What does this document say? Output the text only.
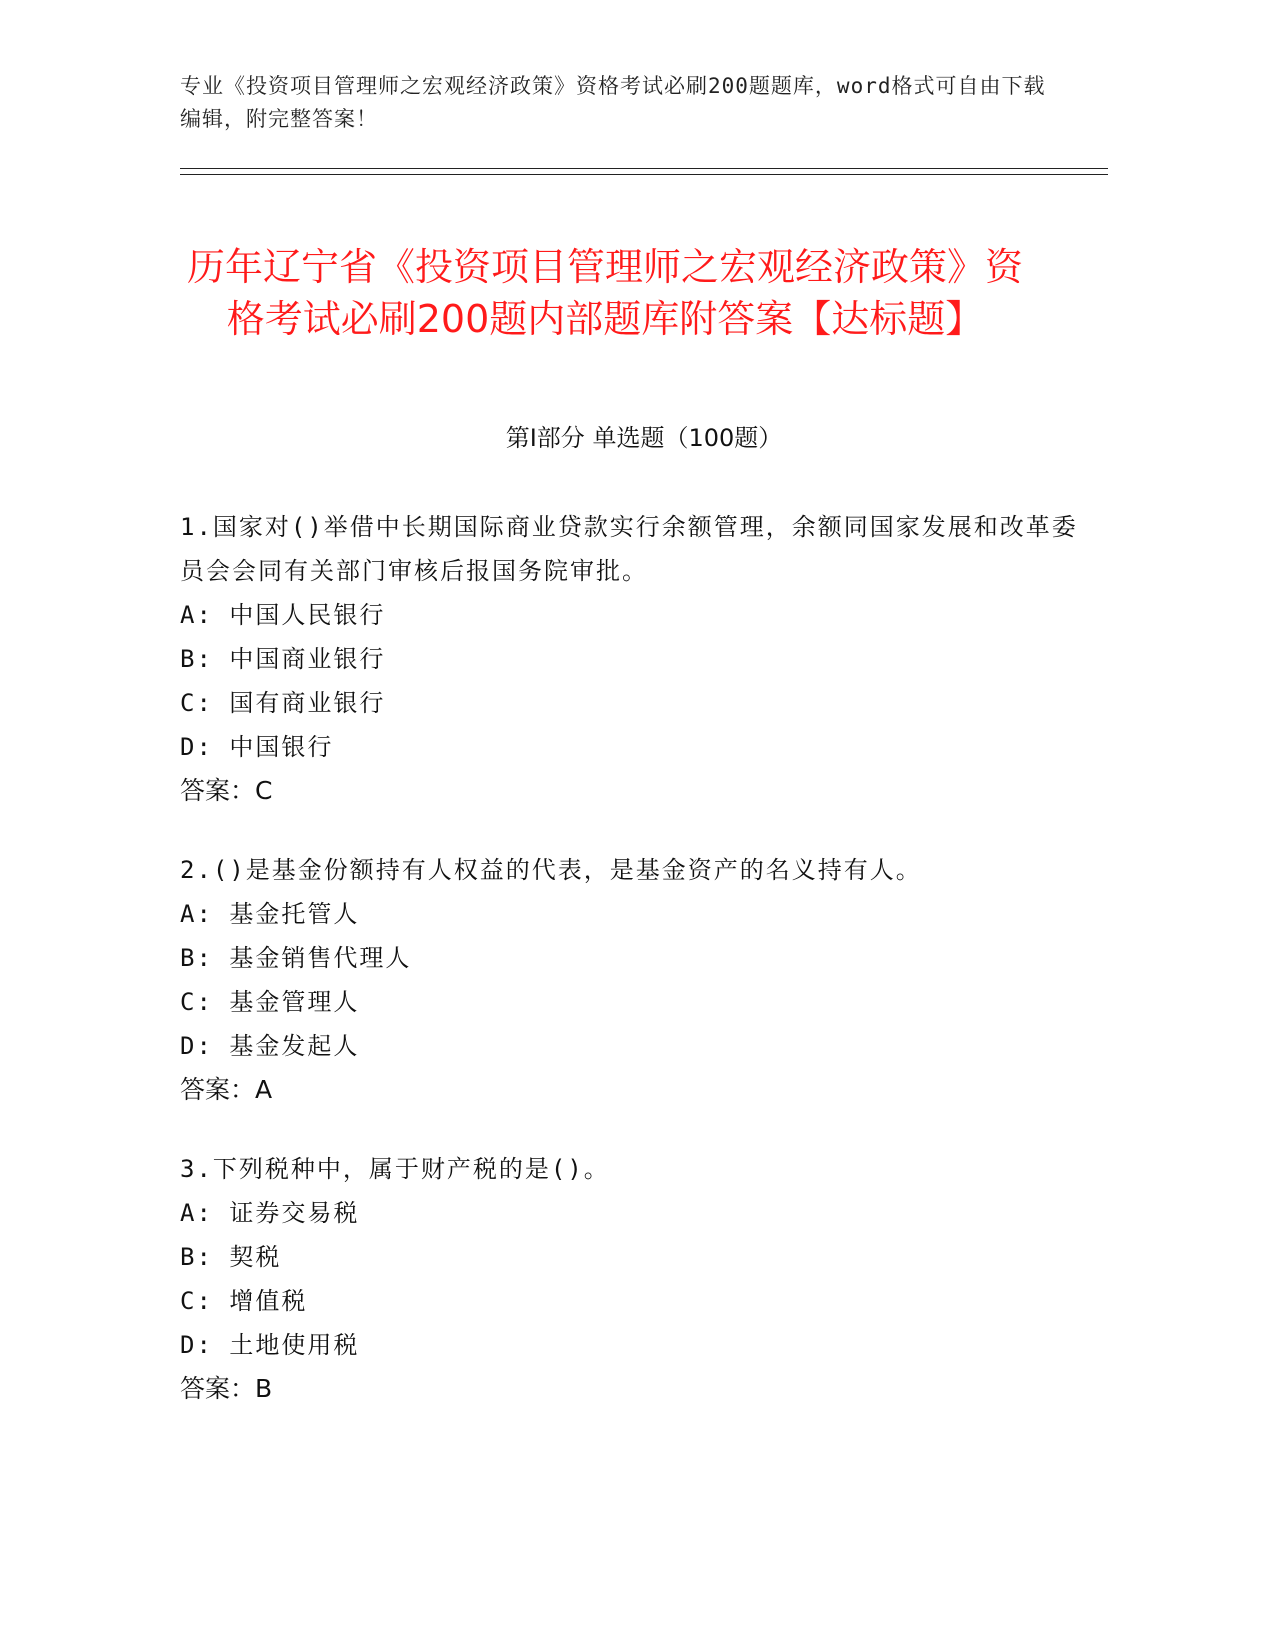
专业《投资项目管理师之宏观经济政策》资格考试必刷200题题库，word格式可自由下载编辑，附完整答案！
历年辽宁省《投资项目管理师之宏观经济政策》资格考试必刷200题内部题库附答案【达标题】
第Ⅰ部分 单选题（100题）
1.国家对()举借中长期国际商业贷款实行余额管理，余额同国家发展和改革委员会会同有关部门审核后报国务院审批。
A: 中国人民银行
B: 中国商业银行
C: 国有商业银行
D: 中国银行
答案：C
2.()是基金份额持有人权益的代表，是基金资产的名义持有人。
A: 基金托管人
B: 基金销售代理人
C: 基金管理人
D: 基金发起人
答案：A
3.下列税种中，属于财产税的是()。
A: 证券交易税
B: 契税
C: 增值税
D: 土地使用税
答案：B
